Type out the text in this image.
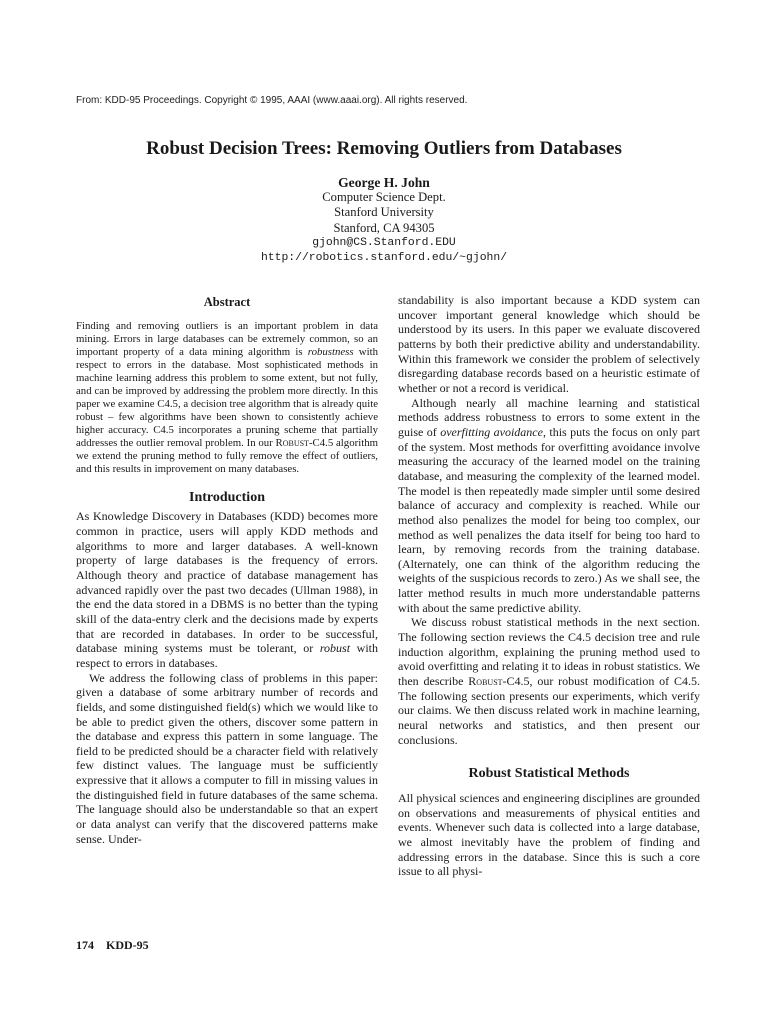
From: KDD-95 Proceedings. Copyright © 1995, AAAI (www.aaai.org). All rights reserved.
Robust Decision Trees: Removing Outliers from Databases
George H. John
Computer Science Dept.
Stanford University
Stanford, CA 94305
gjohn@CS.Stanford.EDU
http://robotics.stanford.edu/~gjohn/
Abstract

Finding and removing outliers is an important problem in data mining. Errors in large databases can be extremely common, so an important property of a data mining algorithm is robustness with respect to errors in the database. Most sophisticated methods in machine learning address this problem to some extent, but not fully, and can be improved by addressing the problem more directly. In this paper we examine C4.5, a decision tree algorithm that is already quite robust – few algorithms have been shown to consistently achieve higher accuracy. C4.5 incorporates a pruning scheme that partially addresses the outlier removal problem. In our Robust-C4.5 algorithm we extend the pruning method to fully remove the effect of outliers, and this results in improvement on many databases.

Introduction

As Knowledge Discovery in Databases (KDD) becomes more common in practice, users will apply KDD methods and algorithms to more and larger databases. A well-known property of large databases is the frequency of errors. Although theory and practice of database management has advanced rapidly over the past two decades (Ullman 1988), in the end the data stored in a DBMS is no better than the typing skill of the data-entry clerk and the decisions made by experts that are recorded in databases. In order to be successful, database mining systems must be tolerant, or robust with respect to errors in databases.

We address the following class of problems in this paper: given a database of some arbitrary number of records and fields, and some distinguished field(s) which we would like to be able to predict given the others, discover some pattern in the database and express this pattern in some language. The field to be predicted should be a character field with relatively few distinct values. The language must be sufficiently expressive that it allows a computer to fill in missing values in the distinguished field in future databases of the same schema. The language should also be understandable so that an expert or data analyst can verify that the discovered patterns make sense. Under-

standability is also important because a KDD system can uncover important general knowledge which should be understood by its users. In this paper we evaluate discovered patterns by both their predictive ability and understandability. Within this framework we consider the problem of selectively disregarding database records based on a heuristic estimate of whether or not a record is veridical.

Although nearly all machine learning and statistical methods address robustness to errors to some extent in the guise of overfitting avoidance, this puts the focus on only part of the system. Most methods for overfitting avoidance involve measuring the accuracy of the learned model on the training database, and measuring the complexity of the learned model. The model is then repeatedly made simpler until some desired balance of accuracy and complexity is reached. While our method also penalizes the model for being too complex, our method as well penalizes the data itself for being too hard to learn, by removing records from the training database. (Alternately, one can think of the algorithm reducing the weights of the suspicious records to zero.) As we shall see, the latter method results in much more understandable patterns with about the same predictive ability.

We discuss robust statistical methods in the next section. The following section reviews the C4.5 decision tree and rule induction algorithm, explaining the pruning method used to avoid overfitting and relating it to ideas in robust statistics. We then describe Robust-C4.5, our robust modification of C4.5. The following section presents our experiments, which verify our claims. We then discuss related work in machine learning, neural networks and statistics, and then present our conclusions.

Robust Statistical Methods

All physical sciences and engineering disciplines are grounded on observations and measurements of physical entities and events. Whenever such data is collected into a large database, we almost inevitably have the problem of finding and addressing errors in the database. Since this is such a core issue to all physi-

174 KDD-95
